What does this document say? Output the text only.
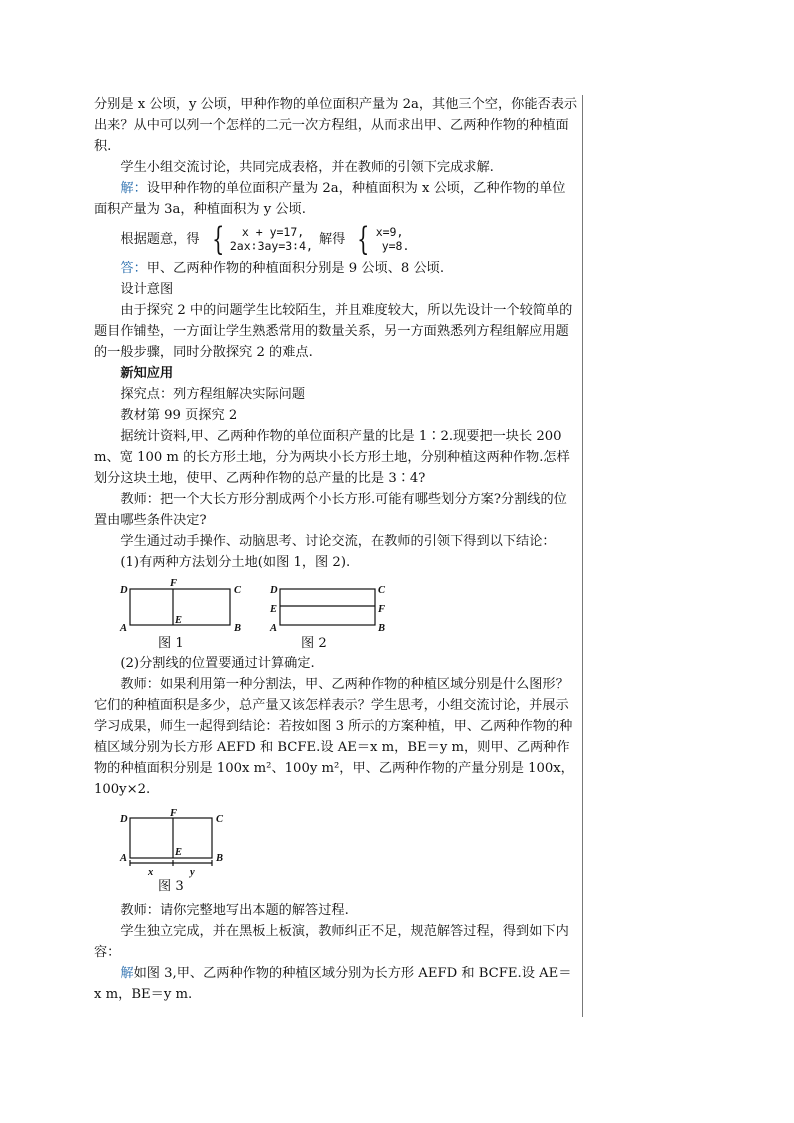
分别是 x 公顷，y 公顷，甲种作物的单位面积产量为 2a，其他三个空，你能否表示出来？从中可以列一个怎样的二元一次方程组，从而求出甲、乙两种作物的种植面积.

学生小组交流讨论，共同完成表格，并在教师的引领下完成求解.

解：设甲种作物的单位面积产量为 2a，种植面积为 x 公顷，乙种作物的单位面积产量为 3a，种植面积为 y 公顷.

根据题意，得 {	x + y=17,
2ax∶3ay=3∶4, 解得 { x=9,
y=8.

答：甲、乙两种作物的种植面积分别是 9 公顷、8 公顷.

设计意图

由于探究 2 中的问题学生比较陌生，并且难度较大，所以先设计一个较简单的题目作铺垫，一方面让学生熟悉常用的数量关系，另一方面熟悉列方程组解应用题的一般步骤，同时分散探究 2 的难点.

新知应用

探究点：列方程组解决实际问题

教材第 99 页探究 2

据统计资料,甲、乙两种作物的单位面积产量的比是 1∶2.现要把一块长 200 m、宽 100 m 的长方形土地，分为两块小长方形土地，分别种植这两种作物.怎样划分这块土地，使甲、乙两种作物的总产量的比是 3∶4?

教师：把一个大长方形分割成两个小长方形.可能有哪些划分方案?分割线的位置由哪些条件决定?

学生通过动手操作、动脑思考、讨论交流，在教师的引领下得到以下结论：

(1)有两种方法划分土地(如图 1，图 2).

D
F
C
A
E
B
D	C
E	F
A	B
图 1	图 2

(2)分割线的位置要通过计算确定.

教师：如果利用第一种分割法，甲、乙两种作物的种植区域分别是什么图形？它们的种植面积是多少，总产量又该怎样表示？学生思考，小组交流讨论，并展示学习成果，师生一起得到结论：若按如图 3 所示的方案种植，甲、乙两种作物的种植区域分别为长方形 AEFD 和 BCFE.设 AE＝x m，BE＝y m，则甲、乙两种作物的种植面积分别是 100x m²、100y m²，甲、乙两种作物的产量分别是 100x，100y×2.

D
F
C
A
E
B
x	y
图 3

教师：请你完整地写出本题的解答过程.

学生独立完成，并在黑板上板演，教师纠正不足，规范解答过程，得到如下内容：

解如图 3,甲、乙两种作物的种植区域分别为长方形 AEFD 和 BCFE.设 AE＝x m，BE＝y m.
